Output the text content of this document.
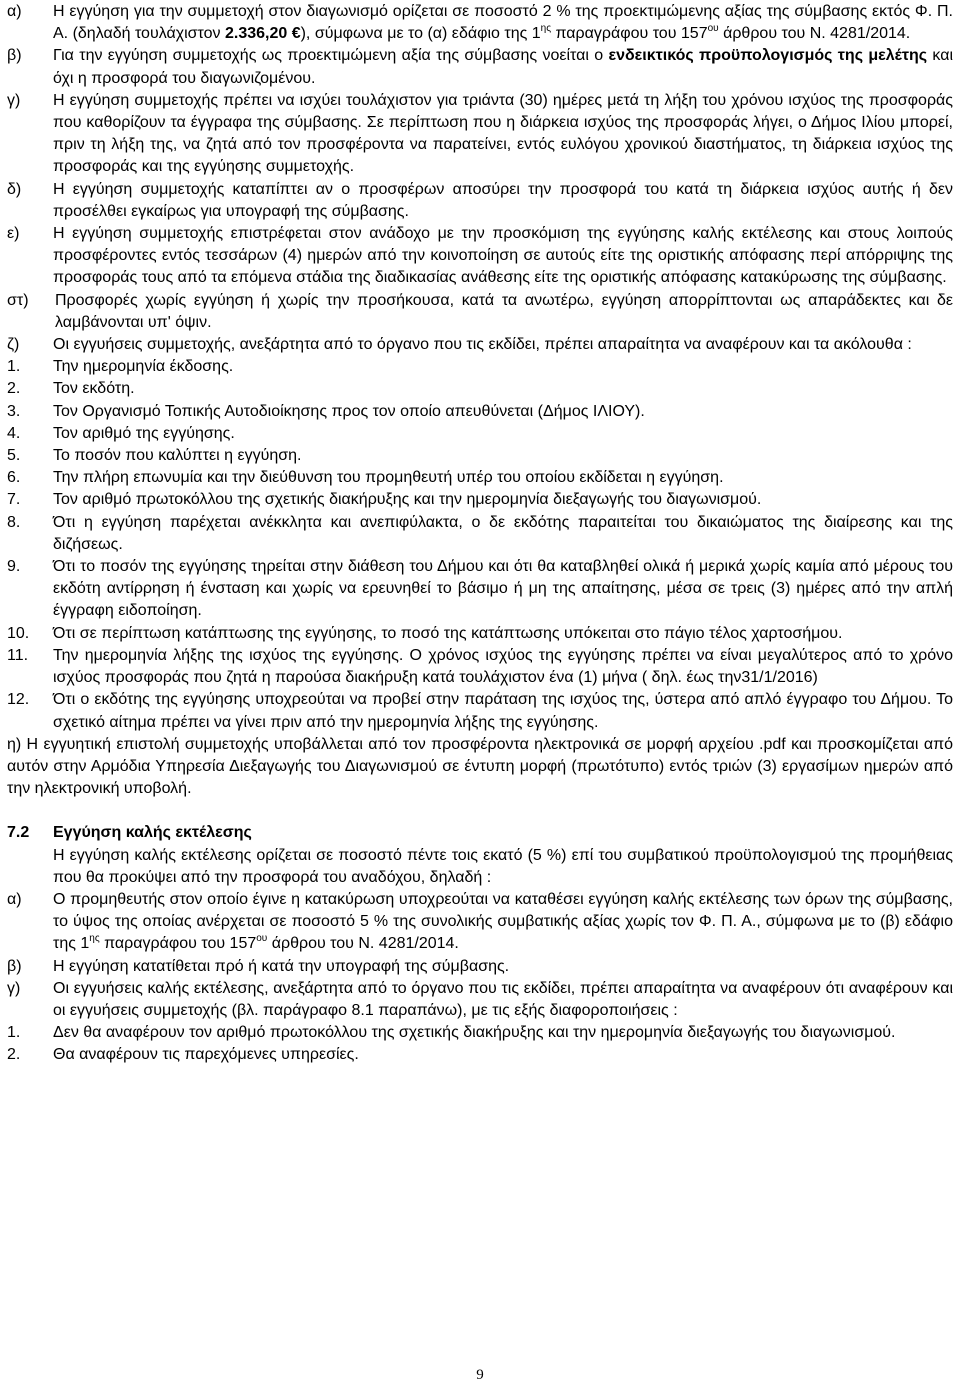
α)	Η εγγύηση για την συμμετοχή στον διαγωνισμό ορίζεται σε ποσοστό 2 % της προεκτιμώμενης αξίας της σύμβασης εκτός Φ. Π. Α. (δηλαδή τουλάχιστον 2.336,20 €), σύμφωνα με το (α) εδάφιο της $1^{\eta\varsigma}$ παραγράφου του $157^{o\upsilon}$ άρθρου του Ν. 4281/2014.
β)	Για την εγγύηση συμμετοχής ως προεκτιμώμενη αξία της σύμβασης νοείται ο ενδεικτικός προϋπολογισμός της μελέτης και όχι η προσφορά του διαγωνιζομένου.
γ)	Η εγγύηση συμμετοχής πρέπει να ισχύει τουλάχιστον για τριάντα (30) ημέρες μετά τη λήξη του χρόνου ισχύος της προσφοράς που καθορίζουν τα έγγραφα της σύμβασης. Σε περίπτωση που η διάρκεια ισχύος της προσφοράς λήγει, ο Δήμος Ιλίου μπορεί, πριν τη λήξη της, να ζητά από τον προσφέροντα να παρατείνει, εντός ευλόγου χρονικού διαστήματος, τη διάρκεια ισχύος της προσφοράς και της εγγύησης συμμετοχής.
δ)	Η εγγύηση συμμετοχής καταπίπτει αν ο προσφέρων αποσύρει την προσφορά του κατά τη διάρκεια ισχύος αυτής ή δεν προσέλθει εγκαίρως για υπογραφή της σύμβασης.
ε)	Η εγγύηση συμμετοχής επιστρέφεται στον ανάδοχο με την προσκόμιση της εγγύησης καλής εκτέλεσης και στους λοιπούς προσφέροντες εντός τεσσάρων (4) ημερών από την κοινοποίηση σε αυτούς είτε της οριστικής απόφασης περί απόρριψης της προσφοράς τους από τα επόμενα στάδια της διαδικασίας ανάθεσης είτε της οριστικής απόφασης κατακύρωσης της σύμβασης.
στ)	Προσφορές χωρίς εγγύηση ή χωρίς την προσήκουσα, κατά τα ανωτέρω, εγγύηση απορρίπτονται ως απαράδεκτες και δε λαμβάνονται υπ' όψιν.
ζ)	Οι εγγυήσεις συμμετοχής, ανεξάρτητα από το όργανο που τις εκδίδει, πρέπει απαραίτητα να αναφέρουν και τα ακόλουθα :
1.	Την ημερομηνία έκδοσης.
2.	Τον εκδότη.
3.	Τον Οργανισμό Τοπικής Αυτοδιοίκησης προς τον οποίο απευθύνεται (Δήμος ΙΛΙΟΥ).
4.	Τον αριθμό της εγγύησης.
5.	Το ποσόν που καλύπτει η εγγύηση.
6.	Την πλήρη επωνυμία και την διεύθυνση του προμηθευτή υπέρ του οποίου εκδίδεται η εγγύηση.
7.	Τον αριθμό πρωτοκόλλου της σχετικής διακήρυξης και την ημερομηνία διεξαγωγής του διαγωνισμού.
8.	Ότι η εγγύηση παρέχεται ανέκκλητα και ανεπιφύλακτα, ο δε εκδότης παραιτείται του δικαιώματος της διαίρεσης και της διζήσεως.
9.	Ότι το ποσόν της εγγύησης τηρείται στην διάθεση του Δήμου και ότι θα καταβληθεί ολικά ή μερικά χωρίς καμία από μέρους του εκδότη αντίρρηση ή ένσταση και χωρίς να ερευνηθεί το βάσιμο ή μη της απαίτησης, μέσα σε τρεις (3) ημέρες από την απλή έγγραφη ειδοποίηση.
10.	Ότι σε περίπτωση κατάπτωσης της εγγύησης, το ποσό της κατάπτωσης υπόκειται στο πάγιο τέλος χαρτοσήμου.
11.	Την ημερομηνία λήξης της ισχύος της εγγύησης. Ο χρόνος ισχύος της εγγύησης πρέπει να είναι μεγαλύτερος από το χρόνο ισχύος προσφοράς που ζητά η παρούσα διακήρυξη κατά τουλάχιστον ένα (1) μήνα ( δηλ. έως την31/1/2016)
12.	Ότι ο εκδότης της εγγύησης υποχρεούται να προβεί στην παράταση της ισχύος της, ύστερα από απλό έγγραφο του Δήμου. Το σχετικό αίτημα πρέπει να γίνει πριν από την ημερομηνία λήξης της εγγύησης.
η) Η εγγυητική επιστολή συμμετοχής υποβάλλεται από τον προσφέροντα ηλεκτρονικά σε μορφή αρχείου .pdf και προσκομίζεται από αυτόν στην Αρμόδια Υπηρεσία Διεξαγωγής του Διαγωνισμού σε έντυπη μορφή (πρωτότυπο) εντός τριών (3) εργασίμων ημερών από την ηλεκτρονική υποβολή.
7.2	Εγγύηση καλής εκτέλεσης
Η εγγύηση καλής εκτέλεσης ορίζεται σε ποσοστό πέντε τοις εκατό (5 %) επί του συμβατικού προϋπολογισμού της προμήθειας που θα προκύψει από την προσφορά του αναδόχου, δηλαδή :
α)	Ο προμηθευτής στον οποίο έγινε η κατακύρωση υποχρεούται να καταθέσει εγγύηση καλής εκτέλεσης των όρων της σύμβασης, το ύψος της οποίας ανέρχεται σε ποσοστό 5 % της συνολικής συμβατικής αξίας χωρίς τον Φ. Π. Α., σύμφωνα με το (β) εδάφιο της $1^{\eta\varsigma}$ παραγράφου του $157^{o\upsilon}$ άρθρου του Ν. 4281/2014.
β)	Η εγγύηση κατατίθεται πρό ή κατά την υπογραφή της σύμβασης.
γ)	Οι εγγυήσεις καλής εκτέλεσης, ανεξάρτητα από το όργανο που τις εκδίδει, πρέπει απαραίτητα να αναφέρουν ότι αναφέρουν και οι εγγυήσεις συμμετοχής (βλ. παράγραφο 8.1 παραπάνω), με τις εξής διαφοροποιήσεις :
1.	Δεν θα αναφέρουν τον αριθμό πρωτοκόλλου της σχετικής διακήρυξης και την ημερομηνία διεξαγωγής του διαγωνισμού.
2.	Θα αναφέρουν τις παρεχόμενες υπηρεσίες.
9
